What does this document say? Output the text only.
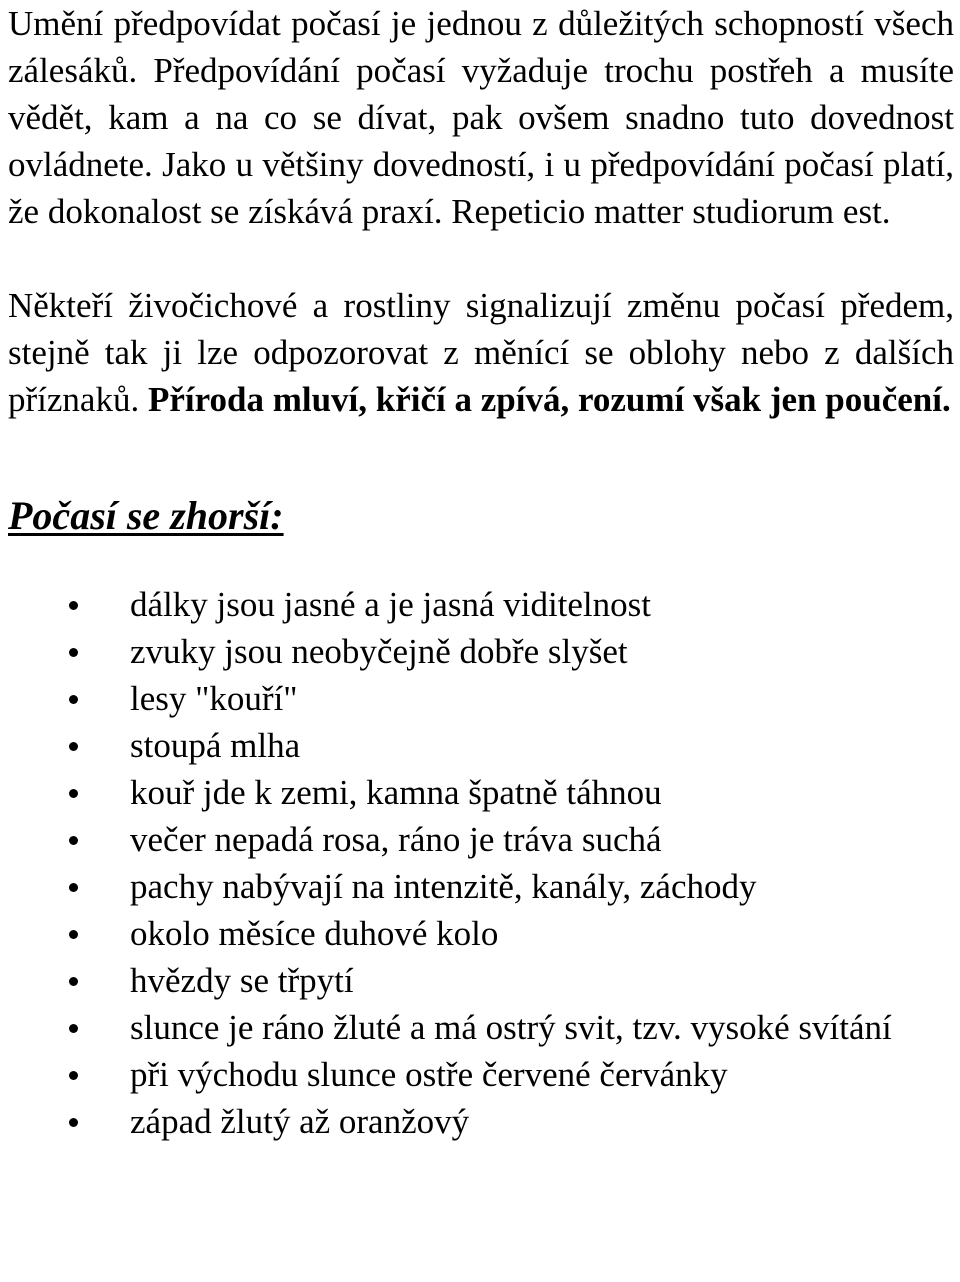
Umění předpovídat počasí je jednou z důležitých schopností všech zálesáků. Předpovídání počasí vyžaduje trochu postřeh a musíte vědět, kam a na co se dívat, pak ovšem snadno tuto dovednost ovládnete. Jako u většiny dovedností, i u předpovídání počasí platí, že dokonalost se získává praxí. Repeticio matter studiorum est.

Někteří živočichové a rostliny signalizují změnu počasí předem, stejně tak ji lze odpozorovat z měnící se oblohy nebo z dalších příznaků. Příroda mluví, křičí a zpívá, rozumí však jen poučení.

Počasí se zhorší:
dálky jsou jasné a je jasná viditelnost
zvuky jsou neobyčejně dobře slyšet
lesy "kouří"
stoupá mlha
kouř jde k zemi, kamna špatně táhnou
večer nepadá rosa, ráno je tráva suchá
pachy nabývají na intenzitě, kanály, záchody
okolo měsíce duhové kolo
hvězdy se třpytí
slunce je ráno žluté a má ostrý svit, tzv. vysoké svítání
při východu slunce ostře červené červánky
západ žlutý až oranžový
